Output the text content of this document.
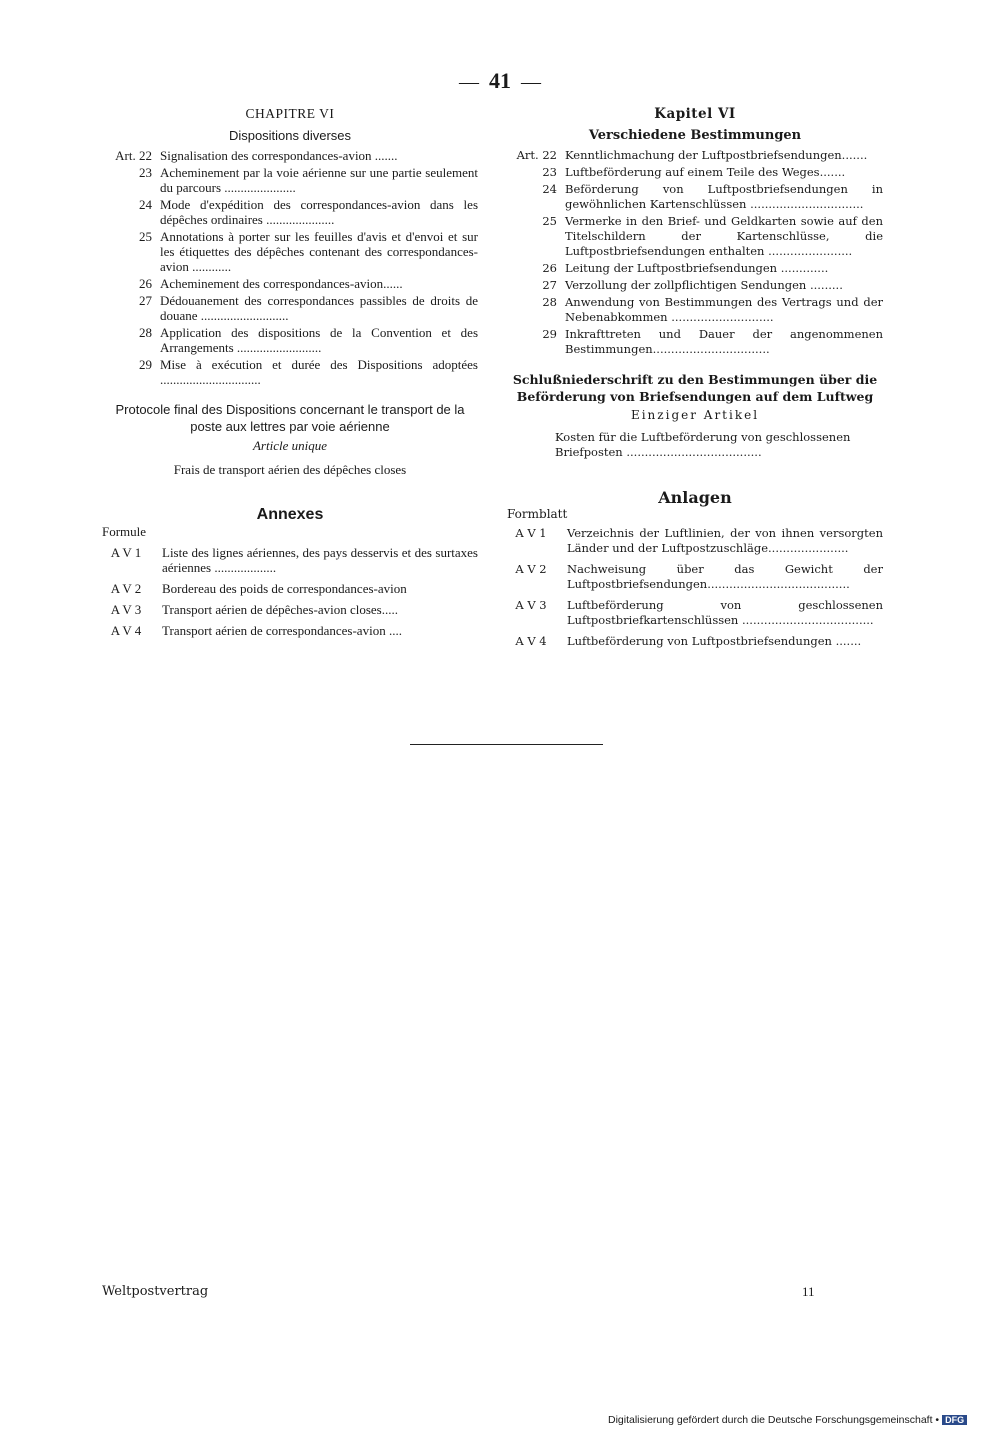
—  41  —
CHAPITRE VI
Dispositions diverses
Art. 22 Signalisation des correspondances-avion .......
23 Acheminement par la voie aérienne sur une partie seulement du parcours ......................
24 Mode d'expédition des correspondances-avion dans les dépêches ordinaires .....................
25 Annotations à porter sur les feuilles d'avis et d'envoi et sur les étiquettes des dépêches contenant des correspondances-avion ............
26 Acheminement des correspondances-avion......
27 Dédouanement des correspondances passibles de droits de douane ...........................
28 Application des dispositions de la Convention et des Arrangements ..........................
29 Mise à exécution et durée des Dispositions adoptées ...............................
Protocole final des Dispositions concernant le transport de la poste aux lettres par voie aérienne
Article unique
Frais de transport aérien des dépêches closes
Annexes
Formule
A V 1	Liste des lignes aériennes, des pays desservis et des surtaxes aériennes ...................
A V 2	Bordereau des poids de correspondances-avion
A V 3	Transport aérien de dépêches-avion closes.....
A V 4	Transport aérien de correspondances-avion ....
Kapitel VI
Verschiedene Bestimmungen
Art. 22 Kenntlichmachung der Luftpostbriefsendungen.......
23 Luftbeförderung auf einem Teile des Weges.......
24 Beförderung von Luftpostbriefsendungen in gewöhnlichen Kartenschlüssen ...............................
25 Vermerke in den Brief- und Geldkarten sowie auf den Titelschildern der Kartenschlüsse, die Luftpostbriefsendungen enthalten .......................
26 Leitung der Luftpostbriefsendungen .............
27 Verzollung der zollpflichtigen Sendungen .........
28 Anwendung von Bestimmungen des Vertrags und der Nebenabkommen ............................
29 Inkrafttreten und Dauer der angenommenen Bestimmungen................................
Schlußniederschrift zu den Bestimmungen über die Beförderung von Briefsendungen auf dem Luftweg
Einziger Artikel
Kosten für die Luftbeförderung von geschlossenen Briefposten .....................................
Anlagen
Formblatt
A V 1	Verzeichnis der Luftlinien, der von ihnen versorgten Länder und der Luftpostzuschläge......................
A V 2	Nachweisung über das Gewicht der Luftpostbriefsendungen.......................................
A V 3	Luftbeförderung von geschlossenen Luftpostbriefkartenschlüssen ....................................
A V 4	Luftbeförderung von Luftpostbriefsendungen .......
Weltpostvertrag	11
Digitalisierung gefördert durch die Deutsche Forschungsgemeinschaft • DFG
